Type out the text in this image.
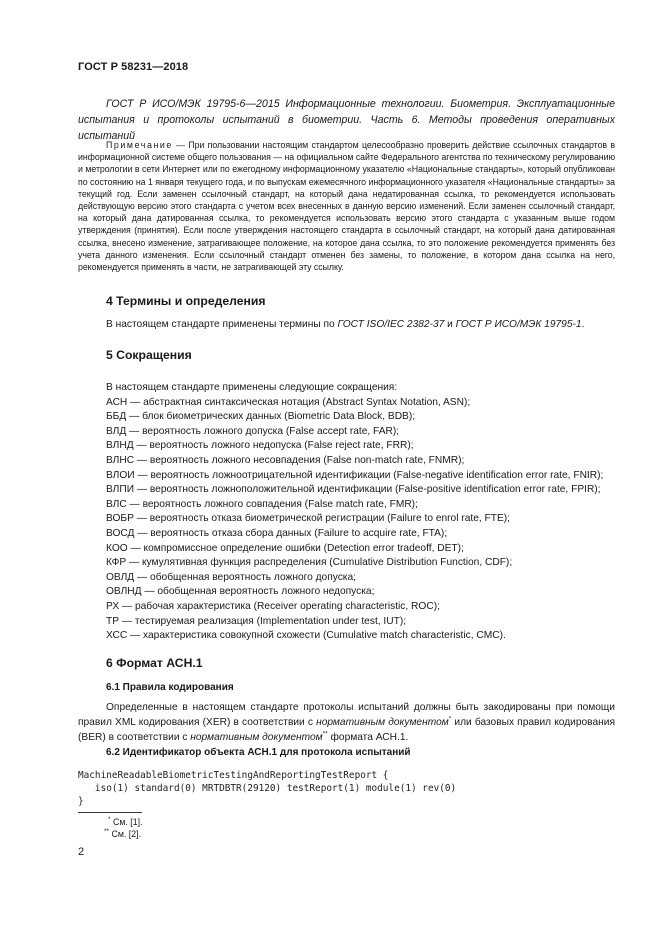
ГОСТ Р 58231—2018
ГОСТ Р ИСО/МЭК 19795-6—2015 Информационные технологии. Биометрия. Эксплуатационные испытания и протоколы испытаний в биометрии. Часть 6. Методы проведения оперативных испытаний
Примечание — При пользовании настоящим стандартом целесообразно проверить действие ссылочных стандартов в информационной системе общего пользования — на официальном сайте Федерального агентства по техническому регулированию и метрологии в сети Интернет или по ежегодному информационному указателю «Национальные стандарты», который опубликован по состоянию на 1 января текущего года, и по выпускам ежемесячного информационного указателя «Национальные стандарты» за текущий год. Если заменен ссылочный стандарт, на который дана недатированная ссылка, то рекомендуется использовать действующую версию этого стандарта с учетом всех внесенных в данную версию изменений. Если заменен ссылочный стандарт, на который дана датированная ссылка, то рекомендуется использовать версию этого стандарта с указанным выше годом утверждения (принятия). Если после утверждения настоящего стандарта в ссылочный стандарт, на который дана датированная ссылка, внесено изменение, затрагивающее положение, на которое дана ссылка, то это положение рекомендуется применять без учета данного изменения. Если ссылочный стандарт отменен без замены, то положение, в котором дана ссылка на него, рекомендуется применять в части, не затрагивающей эту ссылку.
4 Термины и определения
В настоящем стандарте применены термины по ГОСТ ISO/IEC 2382-37 и ГОСТ Р ИСО/МЭК 19795-1.
5 Сокращения
В настоящем стандарте применены следующие сокращения:
АСН — абстрактная синтаксическая нотация (Abstract Syntax Notation, ASN);
ББД — блок биометрических данных (Biometric Data Block, BDB);
ВЛД — вероятность ложного допуска (False accept rate, FAR);
ВЛНД — вероятность ложного недопуска (False reject rate, FRR);
ВЛНС — вероятность ложного несовпадения (False non-match rate, FNMR);
ВЛОИ — вероятность ложноотрицательной идентификации (False-negative identification error rate, FNIR);
ВЛПИ — вероятность ложноположительной идентификации (False-positive identification error rate, FPIR);
ВЛС — вероятность ложного совпадения (False match rate, FMR);
ВОБР — вероятность отказа биометрической регистрации (Failure to enrol rate, FTE);
ВОСД — вероятность отказа сбора данных (Failure to acquire rate, FTA);
КОО — компромиссное определение ошибки (Detection error tradeoff, DET);
КФР — кумулятивная функция распределения (Cumulative Distribution Function, CDF);
ОВЛД — обобщенная вероятность ложного допуска;
ОВЛНД — обобщенная вероятность ложного недопуска;
РХ — рабочая характеристика (Receiver operating characteristic, ROC);
ТР — тестируемая реализация (Implementation under test, IUT);
ХСС — характеристика совокупной схожести (Cumulative match characteristic, CMC).
6 Формат АСН.1
6.1 Правила кодирования
Определенные в настоящем стандарте протоколы испытаний должны быть закодированы при помощи правил XML кодирования (XER) в соответствии с нормативным документом* или базовых правил кодирования (BER) в соответствии с нормативным документом** формата АСН.1.
6.2 Идентификатор объекта АСН.1 для протокола испытаний
MachineReadableBiometricTestingAndReportingTestReport {
iso(1) standard(0) MRTDBTR(29120) testReport(1) module(1) rev(0)
}
* См. [1].
** См. [2].
2
